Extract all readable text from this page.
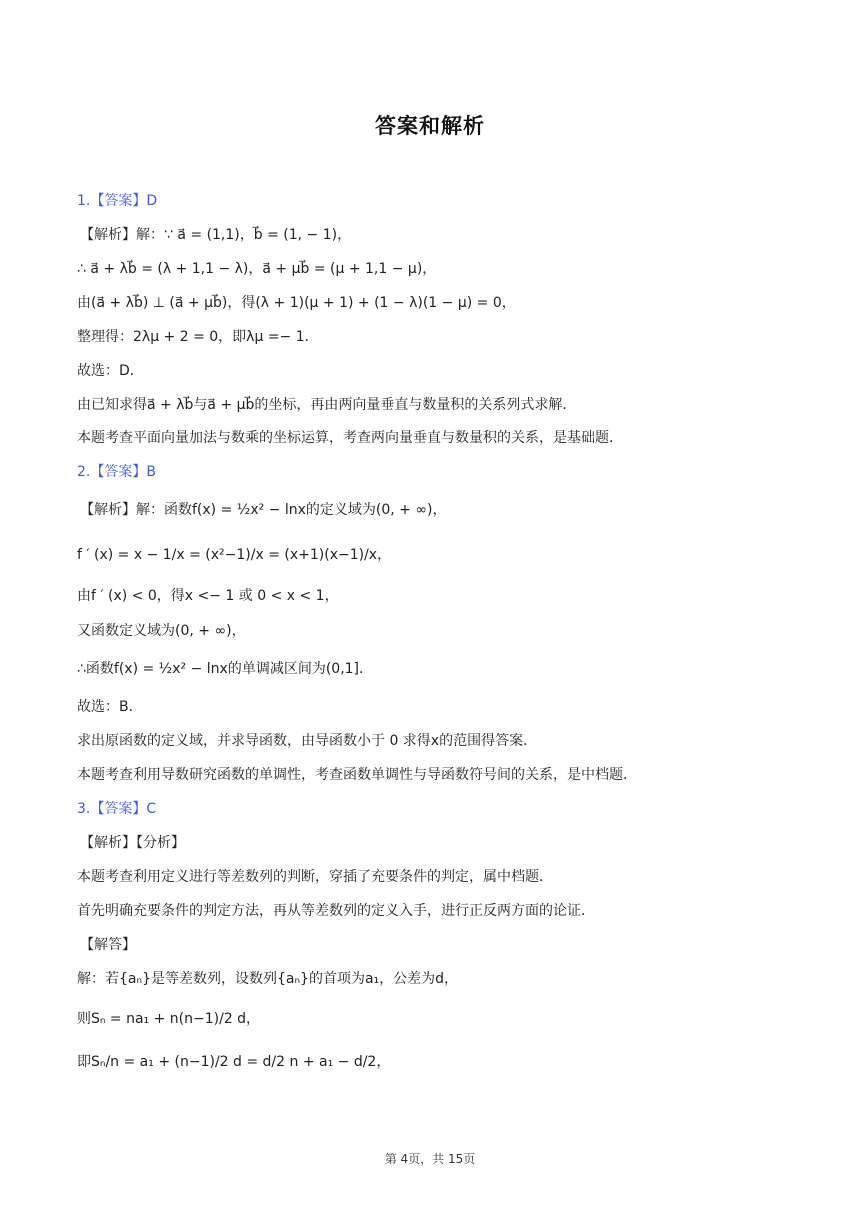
答案和解析
1.【答案】D
【解析】解：∵ a⃗ = (1,1)，b⃗ = (1, − 1)，
∴ a⃗ + λb⃗ = (λ + 1,1 − λ)，a⃗ + μb⃗ = (μ + 1,1 − μ)，
由(a⃗ + λb⃗) ⊥ (a⃗ + μb⃗)，得(λ + 1)(μ + 1) + (1 − λ)(1 − μ) = 0，
整理得：2λμ + 2 = 0，即λμ =− 1．
故选：D．
由已知求得a⃗ + λb⃗与a⃗ + μb⃗的坐标，再由两向量垂直与数量积的关系列式求解．
本题考查平面向量加法与数乘的坐标运算，考查两向量垂直与数量积的关系，是基础题．
2.【答案】B
【解析】解：函数f(x) = ½x² − lnx的定义域为(0, + ∞)，
f ′ (x) = x − 1/x = (x²−1)/x = (x+1)(x−1)/x，
由f ′ (x) < 0，得x <− 1 或 0 < x < 1，
又函数定义域为(0, + ∞)，
∴函数f(x) = ½x² − lnx的单调减区间为(0,1]．
故选：B．
求出原函数的定义域，并求导函数，由导函数小于 0 求得x的范围得答案．
本题考查利用导数研究函数的单调性，考查函数单调性与导函数符号间的关系，是中档题．
3.【答案】C
【解析】【分析】
本题考查利用定义进行等差数列的判断，穿插了充要条件的判定，属中档题．
首先明确充要条件的判定方法，再从等差数列的定义入手，进行正反两方面的论证．
【解答】
解：若{aₙ}是等差数列，设数列{aₙ}的首项为a₁，公差为d，
则Sₙ = na₁ + n(n−1)/2 d，
即Sₙ/n = a₁ + (n−1)/2 d = d/2 n + a₁ − d/2，
第 4页，共 15页
